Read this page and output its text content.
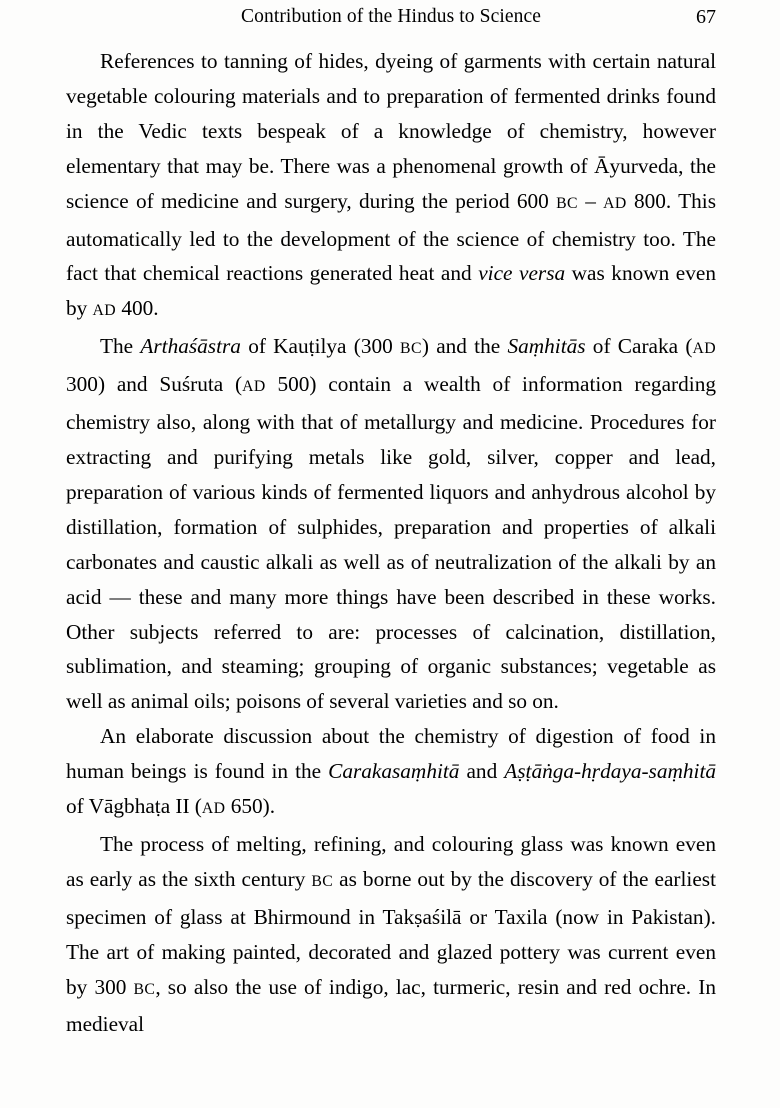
Contribution of the Hindus to Science	67

References to tanning of hides, dyeing of garments with certain natural vegetable colouring materials and to preparation of fermented drinks found in the Vedic texts bespeak of a knowledge of chemistry, however elementary that may be. There was a phenomenal growth of Āyurveda, the science of medicine and surgery, during the period 600 BC – AD 800. This automatically led to the development of the science of chemistry too. The fact that chemical reactions generated heat and vice versa was known even by AD 400.

The Arthaśāstra of Kauṭilya (300 BC) and the Saṃhitās of Caraka (AD 300) and Suśruta (AD 500) contain a wealth of information regarding chemistry also, along with that of metallurgy and medicine. Procedures for extracting and purifying metals like gold, silver, copper and lead, preparation of various kinds of fermented liquors and anhydrous alcohol by distillation, formation of sulphides, preparation and properties of alkali carbonates and caustic alkali as well as of neutralization of the alkali by an acid — these and many more things have been described in these works. Other subjects referred to are: processes of calcination, distillation, sublimation, and steaming; grouping of organic substances; vegetable as well as animal oils; poisons of several varieties and so on.

An elaborate discussion about the chemistry of digestion of food in human beings is found in the Carakasaṃhitā and Aṣṭāṅga-hṛdaya-saṃhitā of Vāgbhaṭa II (AD 650).

The process of melting, refining, and colouring glass was known even as early as the sixth century BC as borne out by the discovery of the earliest specimen of glass at Bhirmound in Takṣaśilā or Taxila (now in Pakistan). The art of making painted, decorated and glazed pottery was current even by 300 BC, so also the use of indigo, lac, turmeric, resin and red ochre. In medieval
